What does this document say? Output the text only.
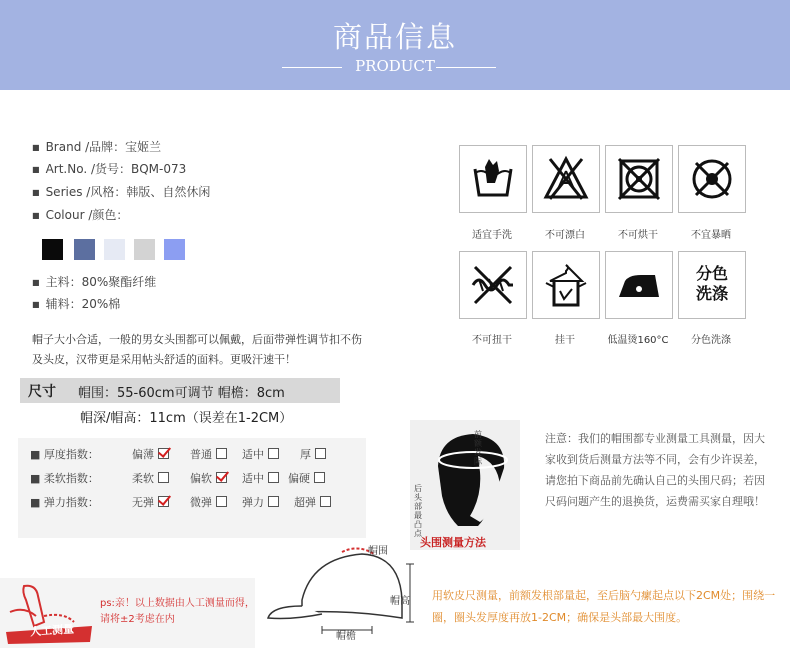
商品信息
PRODUCT
■ Brand /品牌：宝姬兰
■ Art.No. /货号：BQM-073
■ Series /风格：韩版、自然休闲
■ Colour /颜色：
■ 主料：80%聚酯纤维
■ 辅料：20%棉
帽子大小合适，一般的男女头围都可以佩戴，后面带弹性调节扣不伤及头皮，汉带更是采用帖头舒适的面料。更吸汗速干！
尺寸 帽围：55-60cm可调节 帽檐：8cm
帽深/帽高：11cm（误差在1-2CM）
■ 厚度指数：	偏薄	普通	适中	厚
■ 柔软指数：	柔软	偏软	适中	偏硬
■ 弹力指数：	无弹	微弹	弹力	超弹
适宜手洗	不可漂白	不可烘干	不宜暴晒
不可扭干	挂干	低温烫160°C
分色
洗涤
分色洗涤
前额发际
后头部最凸点
头围测量方法
注意：我们的帽围都专业测量工具测量，因大家收到货后测量方法等不同，会有少许误差，请您拍下商品前先确认自己的头围尺码；若因尺码问题产生的退换货，运费需买家自理哦！
人工测量
ps:亲！以上数据由人工测量而得，请将±2考虑在内
帽围
帽高
帽檐
用软皮尺测量，前额发根部量起，至后脑勺瘰起点以下2CM处；围绕一圈，圈头发厚度再放1-2CM；确保是头部最大围度。
